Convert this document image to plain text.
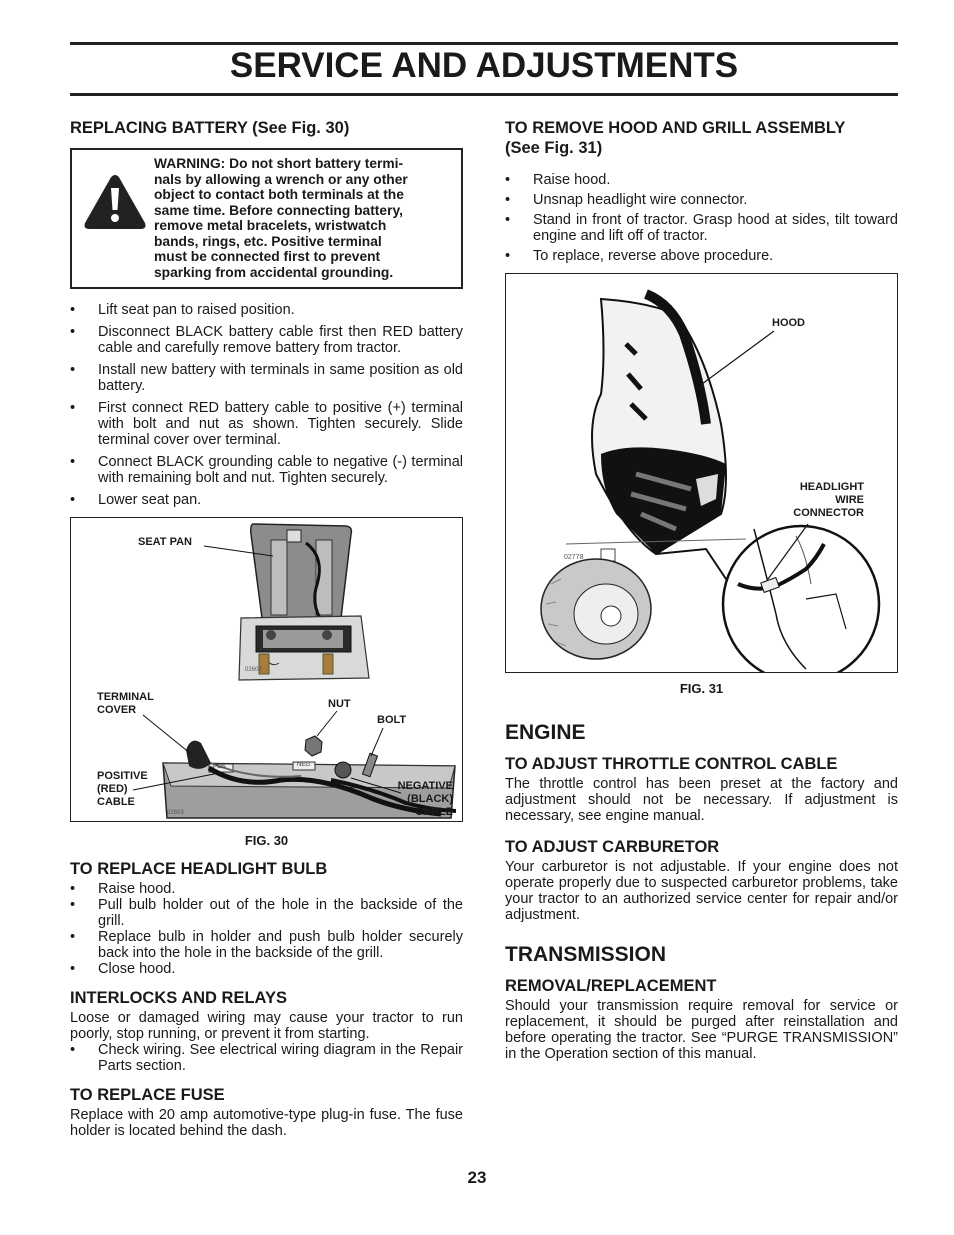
SERVICE AND ADJUSTMENTS
REPLACING BATTERY (See Fig. 30)
WARNING: Do not short battery termi-
nals by allowing a wrench or any other
object to contact both terminals at the
same time. Before connecting battery,
remove metal bracelets, wristwatch
bands, rings, etc. Positive terminal
must be connected first to prevent
sparking from accidental grounding.
• Lift seat pan to raised position.
• Disconnect BLACK battery cable first then RED battery cable and carefully remove battery from tractor.
• Install new battery with terminals in same position as old battery.
• First connect RED battery cable to positive (+) terminal with bolt and nut as shown. Tighten securely. Slide terminal cover over terminal.
• Connect BLACK grounding cable to negative (-) terminal with remaining bolt and nut. Tighten securely.
• Lower seat pan.
SEAT PAN
TERMINAL
COVER	NUT
BOLT
POSITIVE
(RED)
CABLE
NEGATIVE
(BLACK)
CABLE
02602
02603
POS	NEG
FIG. 30
TO REPLACE HEADLIGHT BULB
• Raise hood.
• Pull bulb holder out of the hole in the backside of the grill.
• Replace bulb in holder and push bulb holder securely back into the hole in the backside of the grill.
• Close hood.
INTERLOCKS AND RELAYS

Loose or damaged wiring may cause your tractor to run poorly, stop running, or prevent it from starting.

• Check wiring. See electrical wiring diagram in the Repair Parts section.
TO REPLACE FUSE

Replace with 20 amp automotive-type plug-in fuse. The fuse holder is located behind the dash.

TO REMOVE HOOD AND GRILL ASSEMBLY
(See Fig. 31)
• Raise hood.
• Unsnap headlight wire connector.
• Stand in front of tractor. Grasp hood at sides, tilt toward engine and lift off of tractor.
• To replace, reverse above procedure.
HOOD
HEADLIGHT
WIRE
CONNECTOR
02778
FIG. 31
ENGINE
TO ADJUST THROTTLE CONTROL CABLE

The throttle control has been preset at the factory and adjustment should not be necessary. If adjustment is necessary, see engine manual.

TO ADJUST CARBURETOR

Your carburetor is not adjustable. If your engine does not operate properly due to suspected carburetor problems, take your tractor to an authorized service center for repair and/or adjustment.

TRANSMISSION
REMOVAL/REPLACEMENT

Should your transmission require removal for service or replacement, it should be purged after reinstallation and before operating the tractor. See “PURGE TRANSMISSION” in the Operation section of this manual.

23
